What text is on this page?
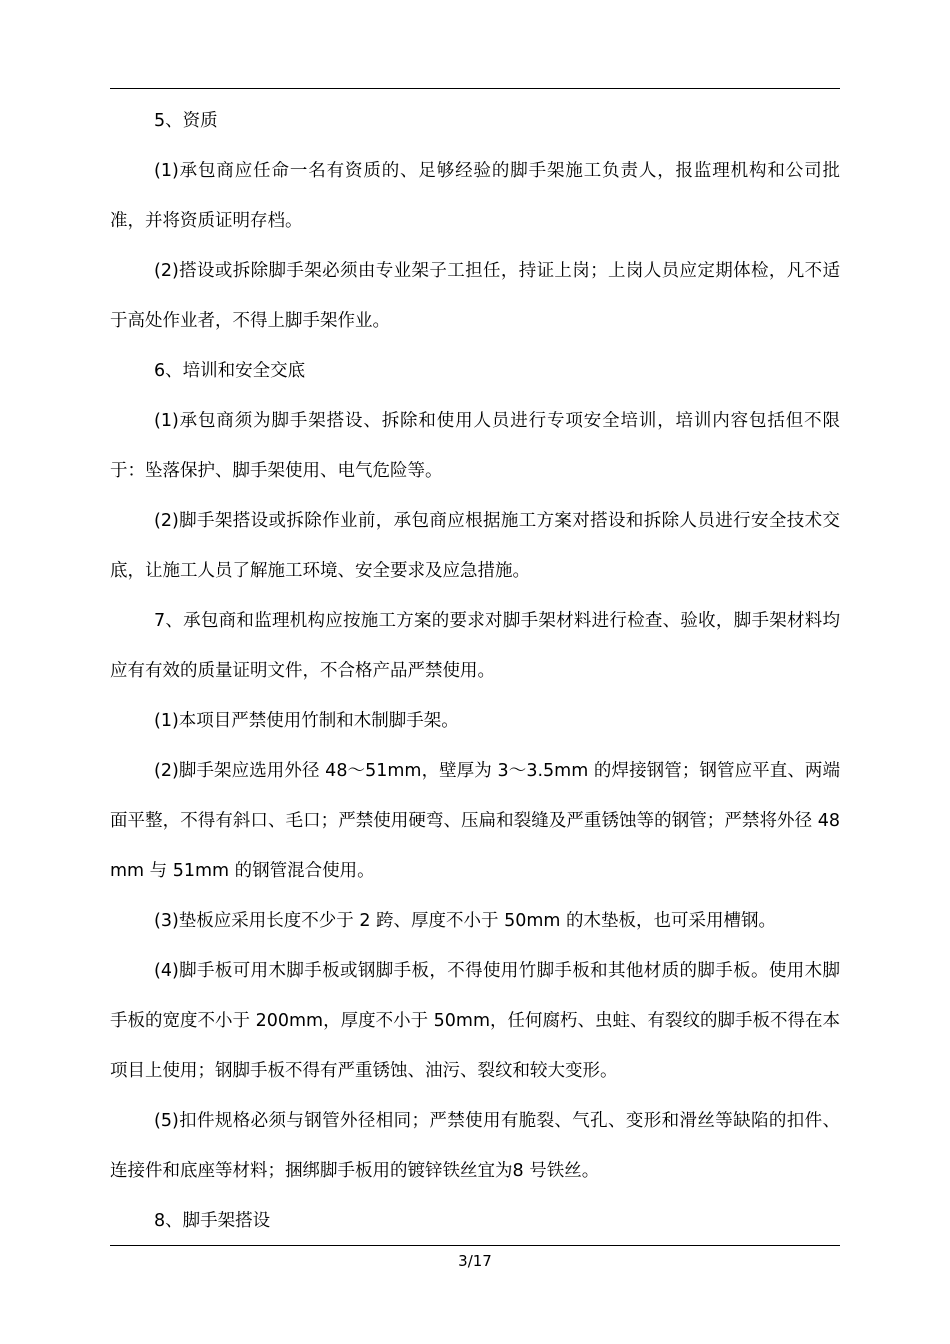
5、资质

(1)承包商应任命一名有资质的、足够经验的脚手架施工负责人，报监理机构和公司批准，并将资质证明存档。

(2)搭设或拆除脚手架必须由专业架子工担任，持证上岗；上岗人员应定期体检，凡不适于高处作业者，不得上脚手架作业。

6、培训和安全交底

(1)承包商须为脚手架搭设、拆除和使用人员进行专项安全培训，培训内容包括但不限于：坠落保护、脚手架使用、电气危险等。

(2)脚手架搭设或拆除作业前，承包商应根据施工方案对搭设和拆除人员进行安全技术交底，让施工人员了解施工环境、安全要求及应急措施。

7、承包商和监理机构应按施工方案的要求对脚手架材料进行检查、验收，脚手架材料均应有有效的质量证明文件，不合格产品严禁使用。

(1)本项目严禁使用竹制和木制脚手架。

(2)脚手架应选用外径 48～51mm，壁厚为 3～3.5mm 的焊接钢管；钢管应平直、两端面平整，不得有斜口、毛口；严禁使用硬弯、压扁和裂缝及严重锈蚀等的钢管；严禁将外径 48mm 与 51mm 的钢管混合使用。

(3)垫板应采用长度不少于 2 跨、厚度不小于 50mm 的木垫板，也可采用槽钢。

(4)脚手板可用木脚手板或钢脚手板，不得使用竹脚手板和其他材质的脚手板。使用木脚手板的宽度不小于 200mm，厚度不小于 50mm，任何腐朽、虫蛀、有裂纹的脚手板不得在本项目上使用；钢脚手板不得有严重锈蚀、油污、裂纹和较大变形。

(5)扣件规格必须与钢管外径相同；严禁使用有脆裂、气孔、变形和滑丝等缺陷的扣件、连接件和底座等材料；捆绑脚手板用的镀锌铁丝宜为8 号铁丝。

8、脚手架搭设

3/17
